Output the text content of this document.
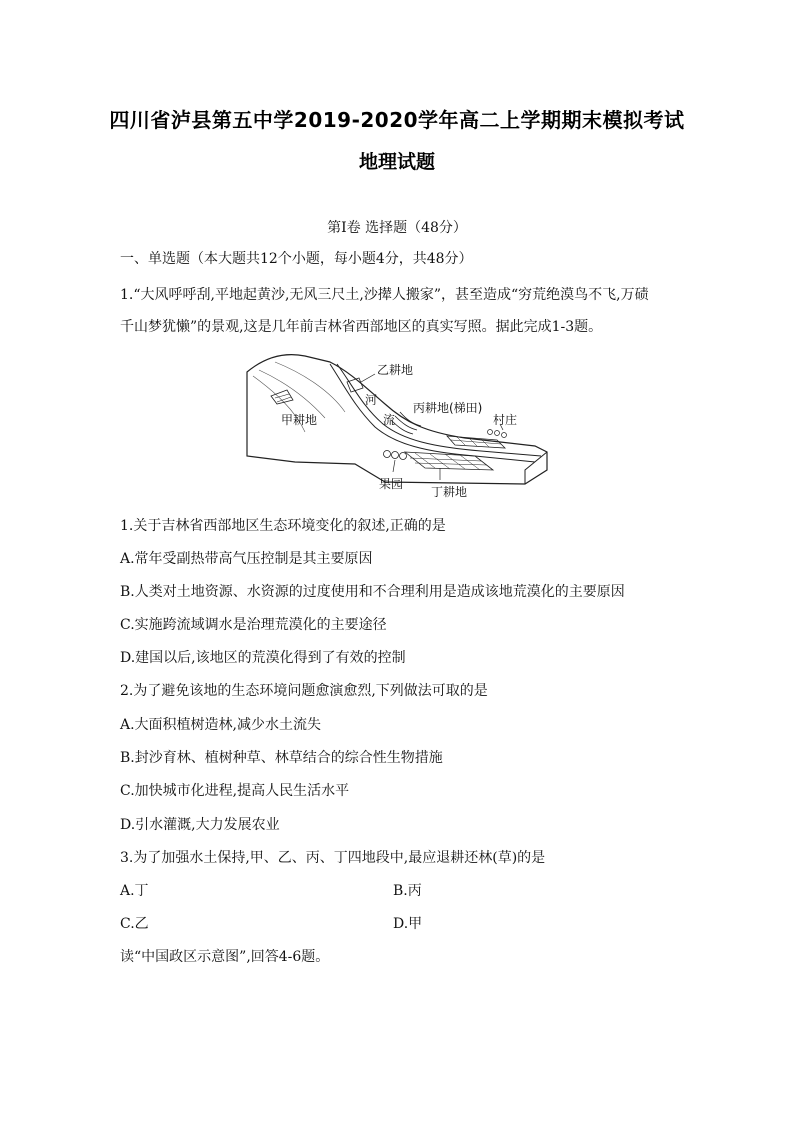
四川省泸县第五中学2019-2020学年高二上学期期末模拟考试
地理试题
第Ⅰ卷 选择题（48分）
一、单选题（本大题共12个小题，每小题4分，共48分）
1.“大风呼呼刮,平地起黄沙,无风三尺土,沙撵人搬家”，甚至造成“穷荒绝漠鸟不飞,万碛
千山梦犹懒”的景观,这是几年前吉林省西部地区的真实写照。据此完成1-3题。
乙耕地
河
流
甲耕地
丙耕地(梯田)
村庄
果园
丁耕地
1.关于吉林省西部地区生态环境变化的叙述,正确的是
A.常年受副热带高气压控制是其主要原因
B.人类对土地资源、水资源的过度使用和不合理利用是造成该地荒漠化的主要原因
C.实施跨流域调水是治理荒漠化的主要途径
D.建国以后,该地区的荒漠化得到了有效的控制
2.为了避免该地的生态环境问题愈演愈烈,下列做法可取的是
A.大面积植树造林,减少水土流失
B.封沙育林、植树种草、林草结合的综合性生物措施
C.加快城市化进程,提高人民生活水平
D.引水灌溉,大力发展农业
3.为了加强水土保持,甲、乙、丙、丁四地段中,最应退耕还林(草)的是
A.丁	B.丙
C.乙	D.甲
读“中国政区示意图”,回答4-6题。
